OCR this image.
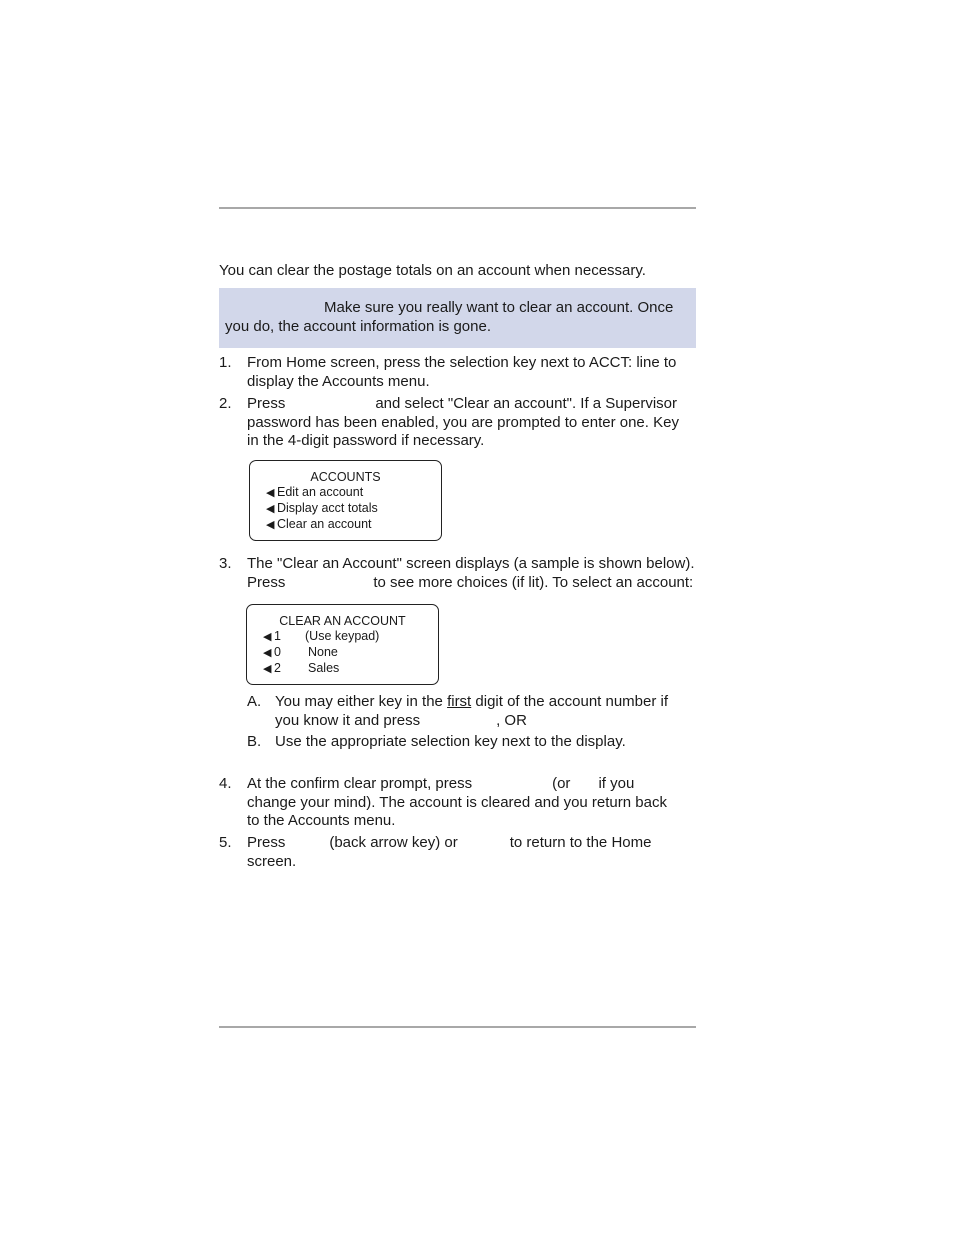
You can clear the postage totals on an account when necessary.
Make sure you really want to clear an account. Once
you do, the account information is gone.
1.	From Home screen, press the selection key next to ACCT: line to
display the Accounts menu.
2.	Press	and select "Clear an account". If a Supervisor
password has been enabled, you are prompted to enter one. Key
in the 4-digit password if necessary.
ACCOUNTS
◀ Edit an account
◀ Display acct totals
◀ Clear an account
3.	The "Clear an Account" screen displays (a sample is shown below).
Press	to see more choices (if lit). To select an account:
CLEAR AN ACCOUNT
◀ 1 (Use keypad)
◀ 0 None
◀ 2 Sales
A. You may either key in the first digit of the account number if
you know it and press	, OR
B. Use the appropriate selection key next to the display.
4.	At the confirm clear prompt, press	(or if you
change your mind). The account is cleared and you return back
to the Accounts menu.
5.	Press	(back arrow key) or	to return to the Home
screen.
